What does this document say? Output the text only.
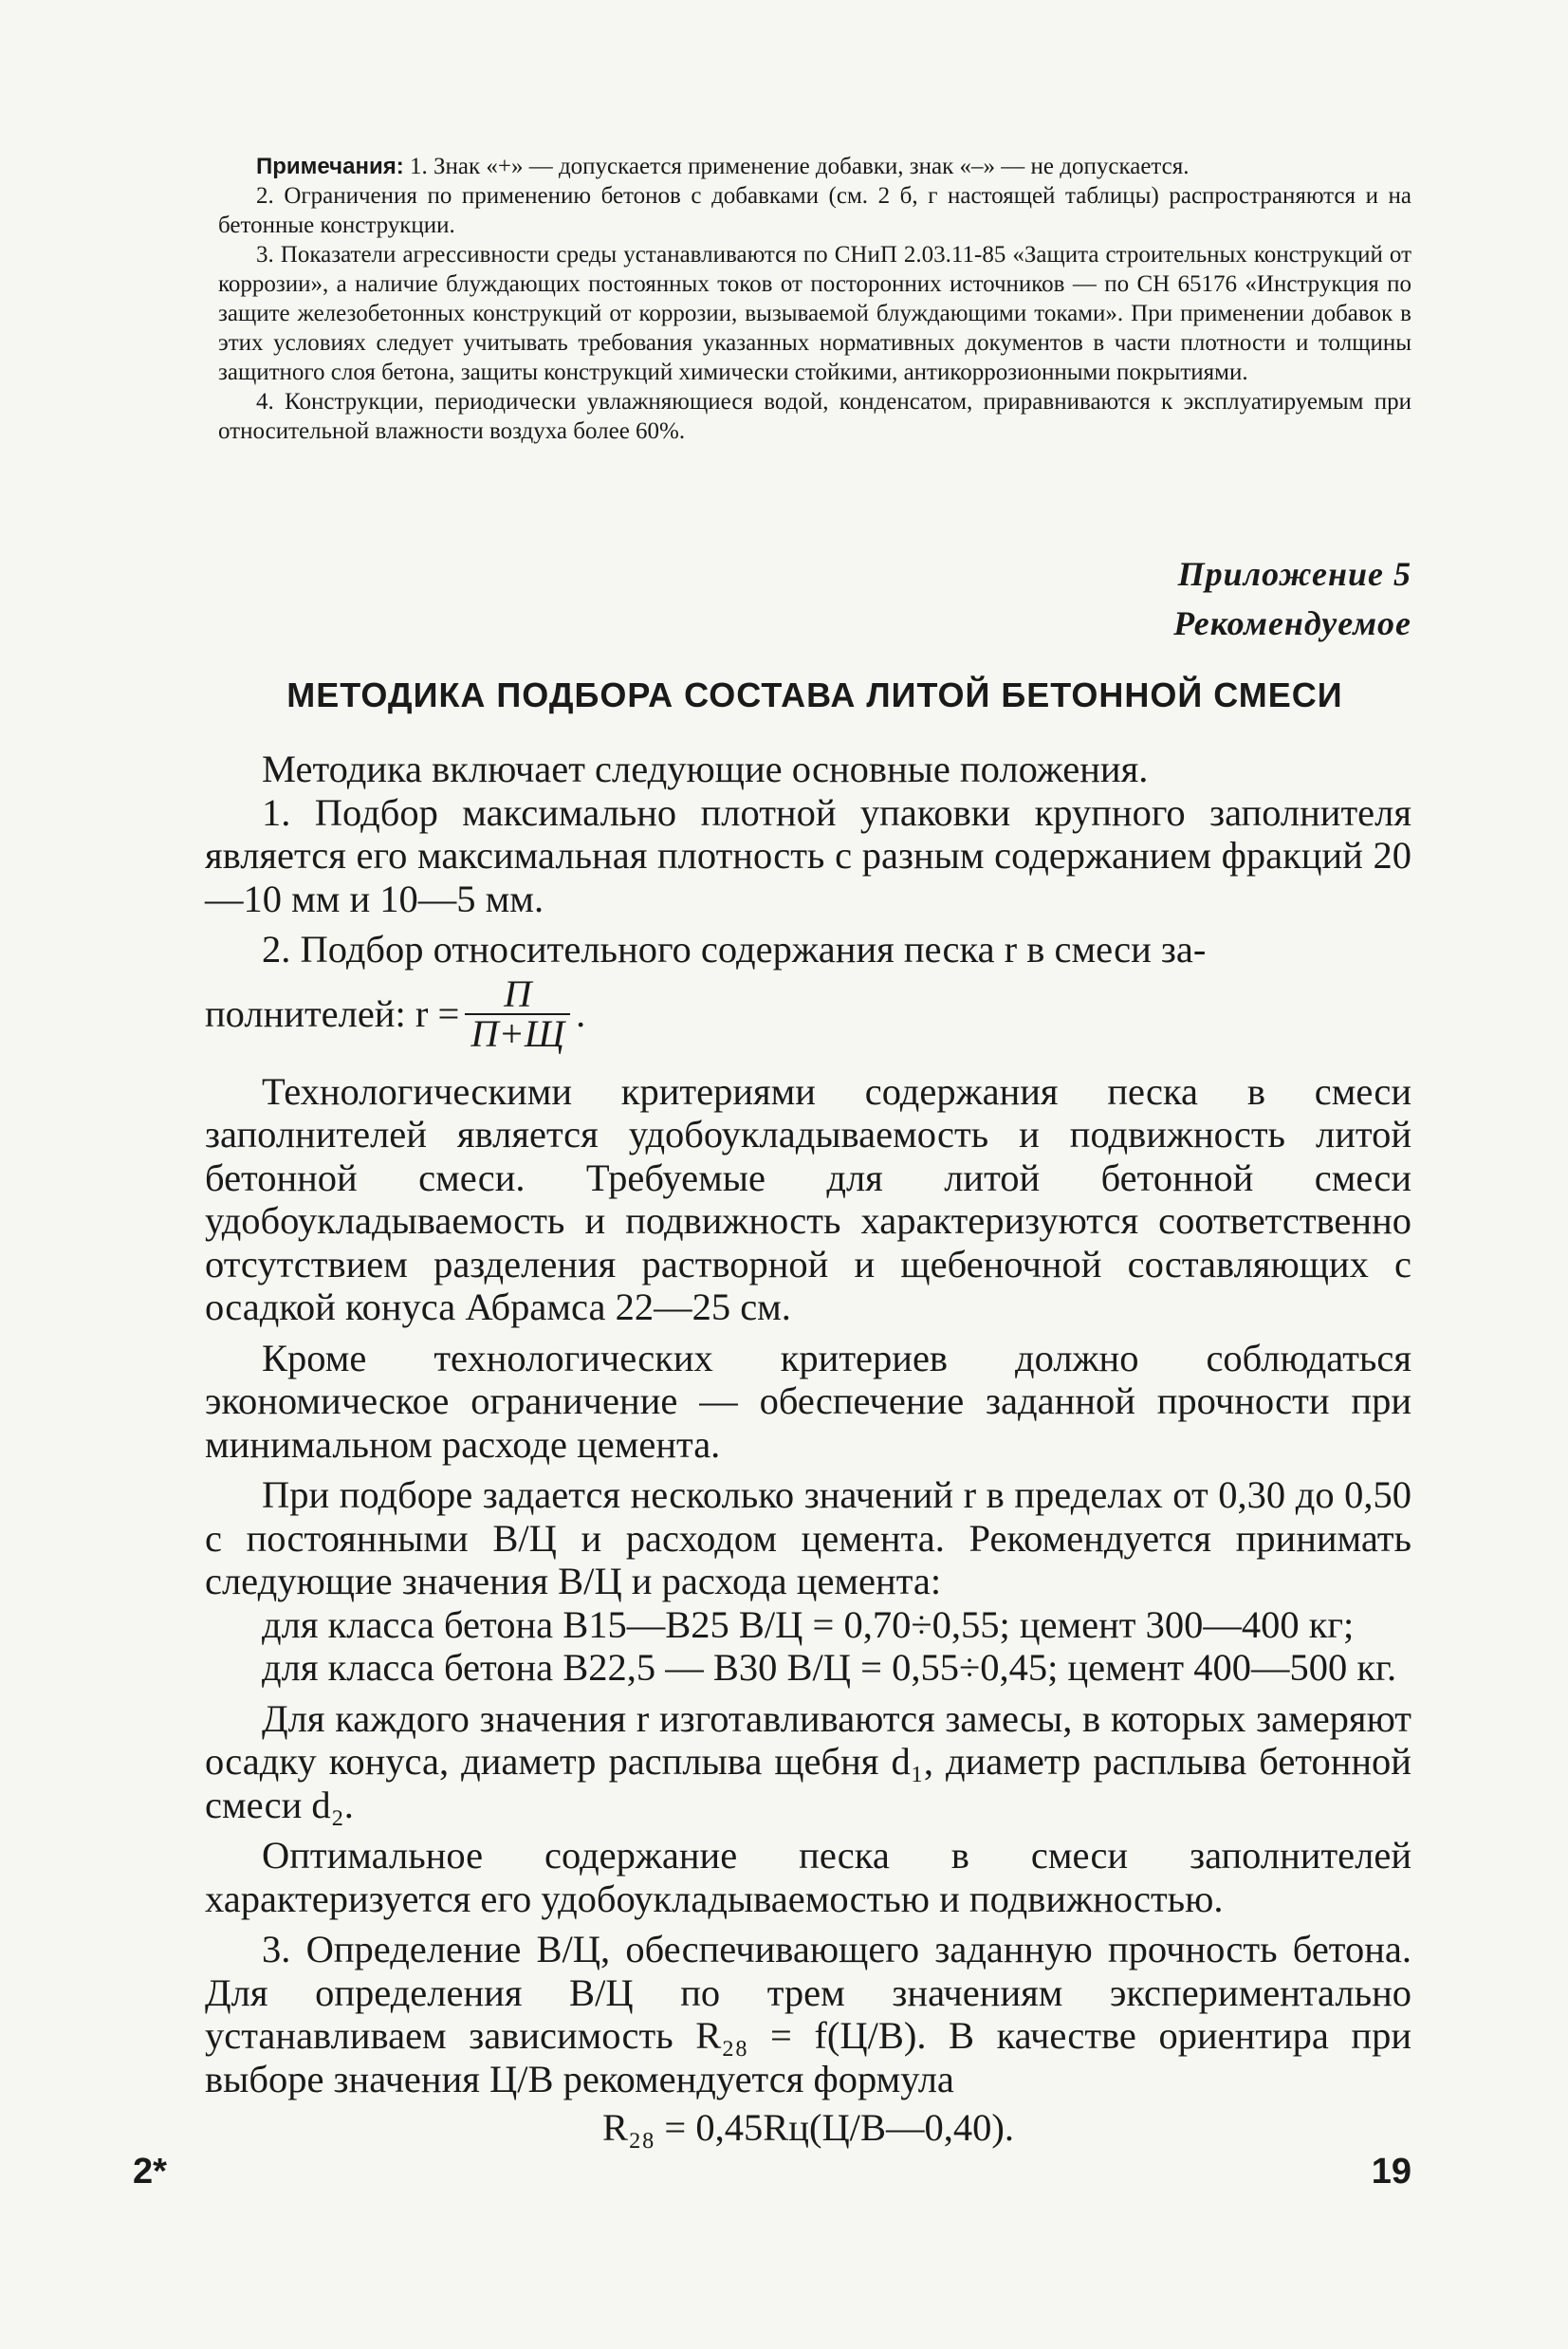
Примечания: 1. Знак «+» — допускается применение добавки, знак «–» — не допускается.

2. Ограничения по применению бетонов с добавками (см. 2 б, г настоящей таблицы) распространяются и на бетонные конструкции.

3. Показатели агрессивности среды устанавливаются по СНиП 2.03.11-85 «Защита строительных конструкций от коррозии», а наличие блуждающих постоянных токов от посторонних источников — по СН 65176 «Инструкция по защите железобетонных конструкций от коррозии, вызываемой блуждающими токами». При применении добавок в этих условиях следует учитывать требования указанных нормативных документов в части плотности и толщины защитного слоя бетона, защиты конструкций химически стойкими, антикоррозионными покрытиями.

4. Конструкции, периодически увлажняющиеся водой, конденсатом, приравниваются к эксплуатируемым при относительной влажности воздуха более 60%.

Приложение 5
Рекомендуемое
МЕТОДИКА ПОДБОРА СОСТАВА ЛИТОЙ БЕТОННОЙ СМЕСИ

Методика включает следующие основные положения.

1. Подбор максимально плотной упаковки крупного заполнителя является его максимальная плотность с разным содержанием фракций 20—10 мм и 10—5 мм.

2. Подбор относительного содержания песка r в смеси за-

полнителей: $r = \frac{П}{П+Щ}$ .

Технологическими критериями содержания песка в смеси заполнителей является удобоукладываемость и подвижность литой бетонной смеси. Требуемые для литой бетонной смеси удобоукладываемость и подвижность характеризуются соответственно отсутствием разделения растворной и щебеночной составляющих с осадкой конуса Абрамса 22—25 см.

Кроме технологических критериев должно соблюдаться экономическое ограничение — обеспечение заданной прочности при минимальном расходе цемента.

При подборе задается несколько значений r в пределах от 0,30 до 0,50 с постоянными В/Ц и расходом цемента. Рекомендуется принимать следующие значения В/Ц и расхода цемента:

для класса бетона В15—В25 В/Ц = 0,70÷0,55; цемент 300—400 кг;

для класса бетона В22,5 — В30 В/Ц = 0,55÷0,45; цемент 400—500 кг.

Для каждого значения r изготавливаются замесы, в которых замеряют осадку конуса, диаметр расплыва щебня d₁, диаметр расплыва бетонной смеси d₂.

Оптимальное содержание песка в смеси заполнителей характеризуется его удобоукладываемостью и подвижностью.

3. Определение В/Ц, обеспечивающего заданную прочность бетона. Для определения В/Ц по трем значениям экспериментально устанавливаем зависимость R₂₈ = f(Ц/В). В качестве ориентира при выборе значения Ц/В рекомендуется формула

R₂₈ = 0,45Rц(Ц/В—0,40).

2*	19
